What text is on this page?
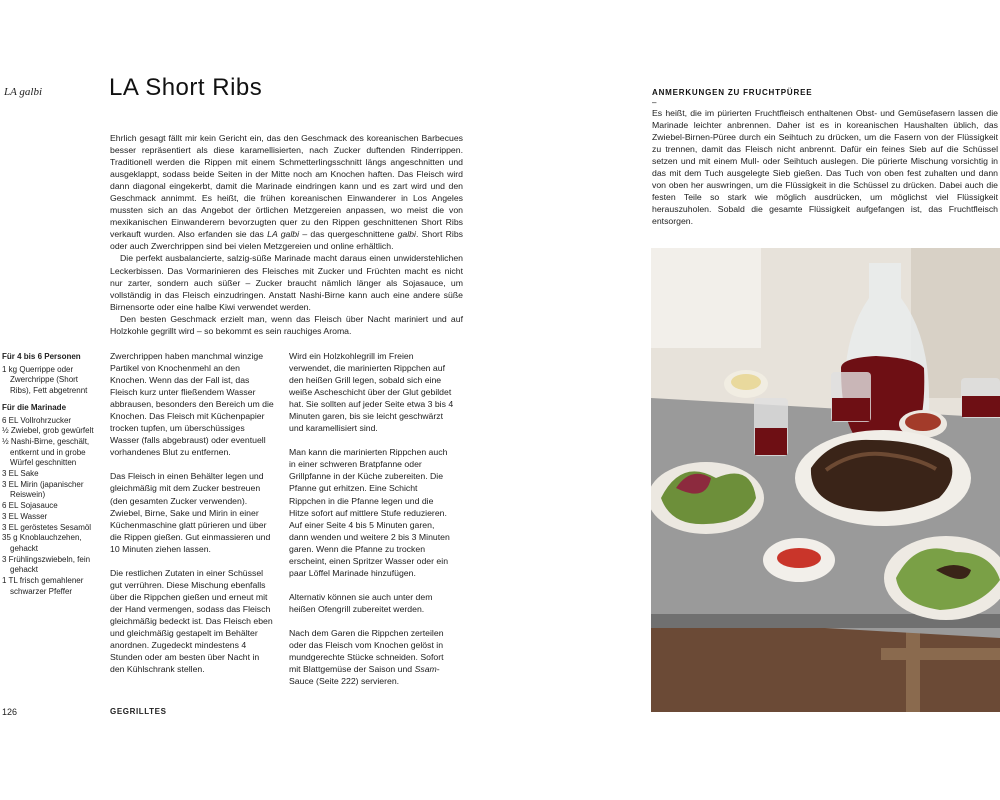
LA galbi	LA Short Ribs

Ehrlich gesagt fällt mir kein Gericht ein, das den Geschmack des koreanischen Barbecues besser repräsentiert als diese karamellisierten, nach Zucker duftenden Rinderrippen. Traditionell werden die Rippen mit einem Schmetterlingsschnitt längs angeschnitten und ausgeklappt, sodass beide Seiten in der Mitte noch am Knochen haften. Das Fleisch wird dann diagonal eingekerbt, damit die Marinade eindringen kann und es zart wird und den Geschmack annimmt. Es heißt, die frühen koreanischen Einwanderer in Los Angeles mussten sich an das Angebot der örtlichen Metzgereien anpassen, wo meist die von mexikanischen Einwanderern bevorzugten quer zu den Rippen geschnittenen Short Ribs verkauft wurden. Also erfanden sie das LA galbi – das quergeschnittene galbi. Short Ribs oder auch Zwerchrippen sind bei vielen Metzgereien und online erhältlich.

Die perfekt ausbalancierte, salzig-süße Marinade macht daraus einen unwiderstehlichen Leckerbissen. Das Vormarinieren des Fleisches mit Zucker und Früchten macht es nicht nur zarter, sondern auch süßer – Zucker braucht nämlich länger als Sojasauce, um vollständig in das Fleisch einzudringen. Anstatt Nashi-Birne kann auch eine andere süße Birnensorte oder eine halbe Kiwi verwendet werden.

Den besten Geschmack erzielt man, wenn das Fleisch über Nacht mariniert und auf Holzkohle gegrillt wird – so bekommt es sein rauchiges Aroma.

Für 4 bis 6 Personen
1 kg Querrippe oder Zwerchrippe (Short Ribs), Fett abgetrennt
Für die Marinade
6 EL Vollrohrzucker
½ Zwiebel, grob gewürfelt
½ Nashi-Birne, geschält, entkernt und in grobe Würfel geschnitten
3 EL Sake
3 EL Mirin (japanischer Reiswein)
6 EL Sojasauce
3 EL Wasser
3 EL geröstetes Sesamöl
35 g Knoblauchzehen, gehackt
3 Frühlingszwiebeln, fein gehackt
1 TL frisch gemahlener schwarzer Pfeffer

Zwerchrippen haben manchmal winzige Partikel von Knochenmehl an den Knochen. Wenn das der Fall ist, das Fleisch kurz unter fließendem Wasser abbrausen, besonders den Bereich um die Knochen. Das Fleisch mit Küchenpapier trocken tupfen, um überschüssiges Wasser (falls abgebraust) oder eventuell vorhandenes Blut zu entfernen.

Das Fleisch in einen Behälter legen und gleichmäßig mit dem Zucker bestreuen (den gesamten Zucker verwenden). Zwiebel, Birne, Sake und Mirin in einer Küchenmaschine glatt pürieren und über die Rippen gießen. Gut einmassieren und 10 Minuten ziehen lassen.

Die restlichen Zutaten in einer Schüssel gut verrühren. Diese Mischung ebenfalls über die Rippchen gießen und erneut mit der Hand vermengen, sodass das Fleisch gleichmäßig bedeckt ist. Das Fleisch eben und gleichmäßig gestapelt im Behälter anordnen. Zugedeckt mindestens 4 Stunden oder am besten über Nacht in den Kühlschrank stellen.

Wird ein Holzkohlegrill im Freien verwendet, die marinierten Rippchen auf den heißen Grill legen, sobald sich eine weiße Ascheschicht über der Glut gebildet hat. Sie sollten auf jeder Seite etwa 3 bis 4 Minuten garen, bis sie leicht geschwärzt und karamellisiert sind.

Man kann die marinierten Rippchen auch in einer schweren Bratpfanne oder Grillpfanne in der Küche zubereiten. Die Pfanne gut erhitzen. Eine Schicht Rippchen in die Pfanne legen und die Hitze sofort auf mittlere Stufe reduzieren. Auf einer Seite 4 bis 5 Minuten garen, dann wenden und weitere 2 bis 3 Minuten garen. Wenn die Pfanne zu trocken erscheint, einen Spritzer Wasser oder ein paar Löffel Marinade hinzufügen.

Alternativ können sie auch unter dem heißen Ofengrill zubereitet werden.

Nach dem Garen die Rippchen zerteilen oder das Fleisch vom Knochen gelöst in mundgerechte Stücke schneiden. Sofort mit Blattgemüse der Saison und Ssam-Sauce (Seite 222) servieren.

126	GEGRILLTES
ANMERKUNGEN ZU FRUCHTPÜREE
–
Es heißt, die im pürierten Fruchtfleisch enthaltenen Obst- und Gemüsefasern lassen die Marinade leichter anbrennen. Daher ist es in koreanischen Haushalten üblich, das Zwiebel-Birnen-Püree durch ein Seihtuch zu drücken, um die Fasern von der Flüssigkeit zu trennen, damit das Fleisch nicht anbrennt. Dafür ein feines Sieb auf die Schüssel setzen und mit einem Mull- oder Seihtuch auslegen. Die pürierte Mischung vorsichtig in das mit dem Tuch ausgelegte Sieb gießen. Das Tuch von oben fest zuhalten und dann von oben her auswringen, um die Flüssigkeit in die Schüssel zu drücken. Dabei auch die festen Teile so stark wie möglich ausdrücken, um möglichst viel Flüssigkeit herauszuholen. Sobald die gesamte Flüssigkeit aufgefangen ist, das Fruchtfleisch entsorgen.
